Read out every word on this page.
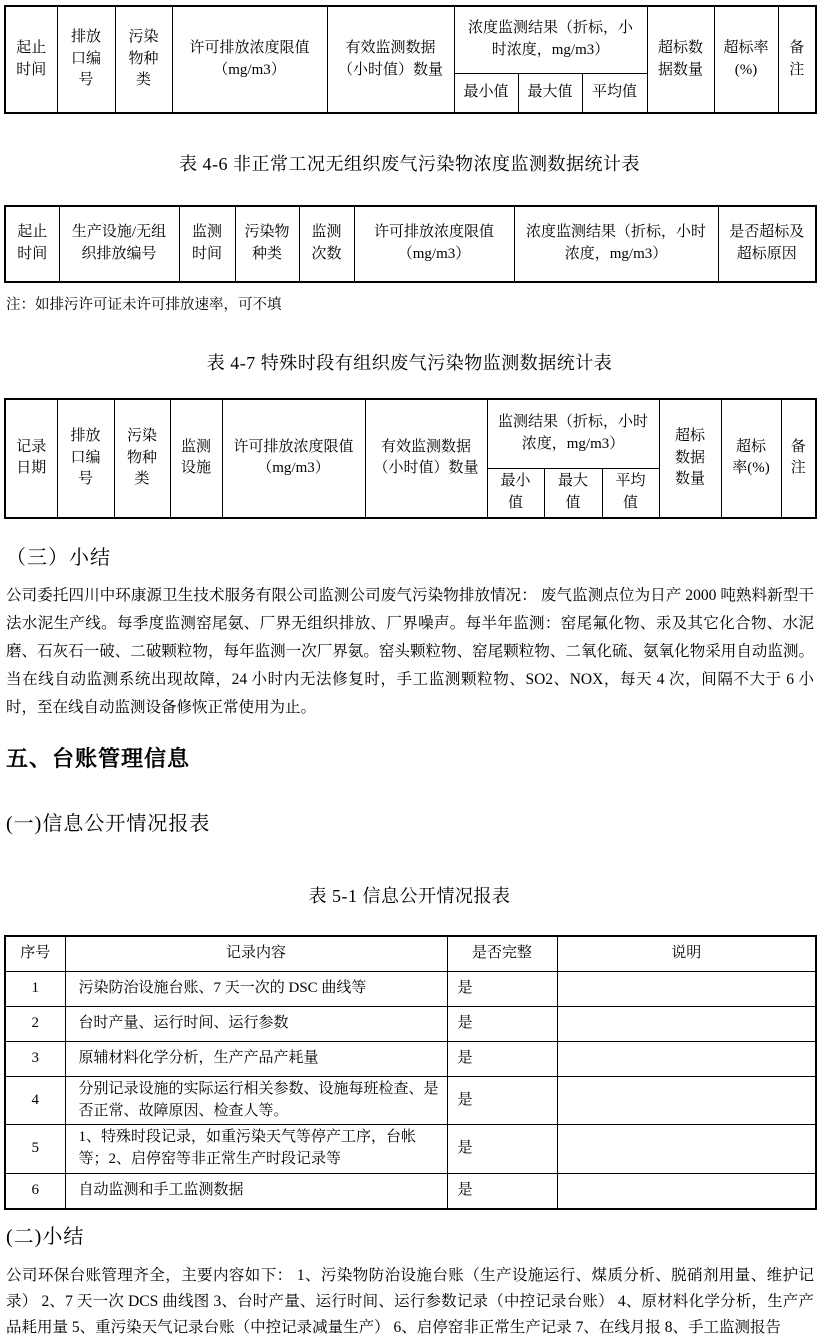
起止时间	排放口编号	污染物种类	许可排放浓度限值（mg/m3）	有效监测数据（小时值）数量	浓度监测结果（折标，小时浓度，mg/m3）			超标数据数量	超标率(%)	备注
					最小值	最大值	平均值			
表 4-6 非正常工况无组织废气污染物浓度监测数据统计表
起止时间	生产设施/无组织排放编号	监测时间	污染物种类	监测次数	许可排放浓度限值（mg/m3）	浓度监测结果（折标，小时浓度，mg/m3）	是否超标及超标原因
注：如排污许可证未许可排放速率，可不填
表 4-7 特殊时段有组织废气污染物监测数据统计表
记录日期	排放口编号	污染物种类	监测设施	许可排放浓度限值（mg/m3）	有效监测数据（小时值）数量	监测结果（折标，小时浓度，mg/m3）			超标数据数量	超标率(%)	备注
						最小值	最大值	平均值			
（三）小结
公司委托四川中环康源卫生技术服务有限公司监测公司废气污染物排放情况： 废气监测点位为日产 2000 吨熟料新型干法水泥生产线。每季度监测窑尾氨、厂界无组织排放、厂界噪声。每半年监测：窑尾氟化物、汞及其它化合物、水泥磨、石灰石一破、二破颗粒物，每年监测一次厂界氨。窑头颗粒物、窑尾颗粒物、二氧化硫、氨氧化物采用自动监测。当在线自动监测系统出现故障，24 小时内无法修复时，手工监测颗粒物、SO2、NOX，每天 4 次，间隔不大于 6 小时，至在线自动监测设备修恢正常使用为止。
五、台账管理信息
(一)信息公开情况报表
表 5-1 信息公开情况报表
序号	记录内容	是否完整	说明
1	污染防治设施台账、7 天一次的 DSC 曲线等	是	
2	台时产量、运行时间、运行参数	是	
3	原辅材料化学分析，生产产品产耗量	是	
4	分别记录设施的实际运行相关参数、设施每班检查、是否正常、故障原因、检查人等。	是	
5	1、特殊时段记录，如重污染天气等停产工序，台帐等；2、启停窑等非正常生产时段记录等	是	
6	自动监测和手工监测数据	是	
(二)小结
公司环保台账管理齐全，主要内容如下： 1、污染物防治设施台账（生产设施运行、煤质分析、脱硝剂用量、维护记录） 2、7 天一次 DCS 曲线图 3、台时产量、运行时间、运行参数记录（中控记录台账） 4、原材料化学分析，生产产品耗用量 5、重污染天气记录台账（中控记录减量生产） 6、启停窑非正常生产记录 7、在线月报 8、手工监测报告
